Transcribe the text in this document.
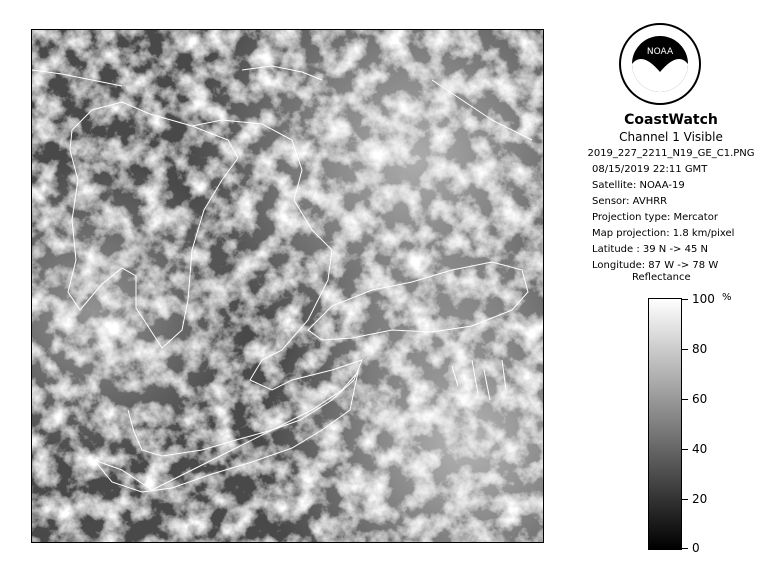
NOAA
CoastWatch
Channel 1 Visible
2019_227_2211_N19_GE_C1.PNG
08/15/2019 22:11 GMT
Satellite: NOAA-19
Sensor: AVHRR
Projection type: Mercator
Map projection: 1.8 km/pixel
Latitude : 39 N -> 45 N
Longitude: 87 W -> 78 W
Reflectance
%
100
80
60
40
20
0
